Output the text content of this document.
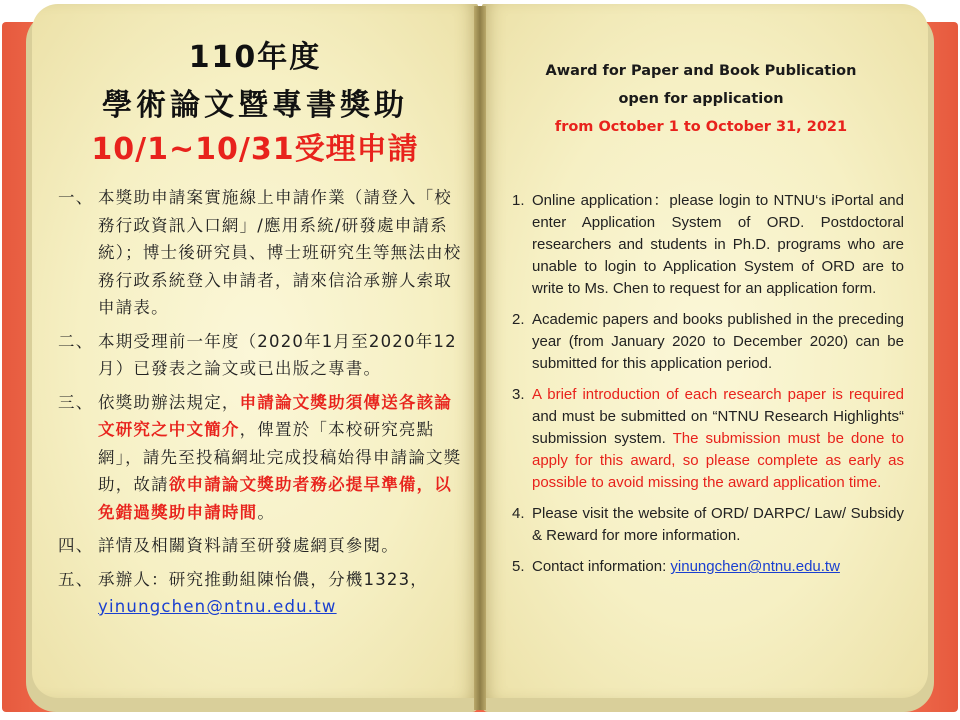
110年度
學術論文暨專書獎助
10/1~10/31受理申請
一、 本獎助申請案實施線上申請作業（請登入「校務行政資訊入口網」/應用系統/研發處申請系統）；博士後研究員、博士班研究生等無法由校務行政系統登入申請者，請來信洽承辦人索取申請表。
二、 本期受理前一年度（2020年1月至2020年12月）已發表之論文或已出版之專書。
三、 依獎助辦法規定，申請論文獎助須傳送各該論文研究之中文簡介，俾置於「本校研究亮點網」，請先至投稿網址完成投稿始得申請論文獎助，故請欲申請論文獎助者務必提早準備，以免錯過獎助申請時間。
四、 詳情及相關資料請至研發處網頁參閱。
五、 承辦人：研究推動組陳怡儂，分機1323，yinungchen@ntnu.edu.tw
Award for Paper and Book Publication
open for application
from October 1 to October 31, 2021
1. Online application：please login to NTNU‘s iPortal and enter Application System of ORD. Postdoctoral researchers and students in Ph.D. programs who are unable to login to Application System of ORD are to write to Ms. Chen to request for an application form.
2. Academic papers and books published in the preceding year (from January 2020 to December 2020) can be submitted for this application period.
3. A brief introduction of each research paper is required and must be submitted on “NTNU Research Highlights“ submission system. The submission must be done to apply for this award, so please complete as early as possible to avoid missing the award application time.
4. Please visit the website of ORD/ DARPC/ Law/ Subsidy & Reward for more information.
5. Contact information: yinungchen@ntnu.edu.tw
